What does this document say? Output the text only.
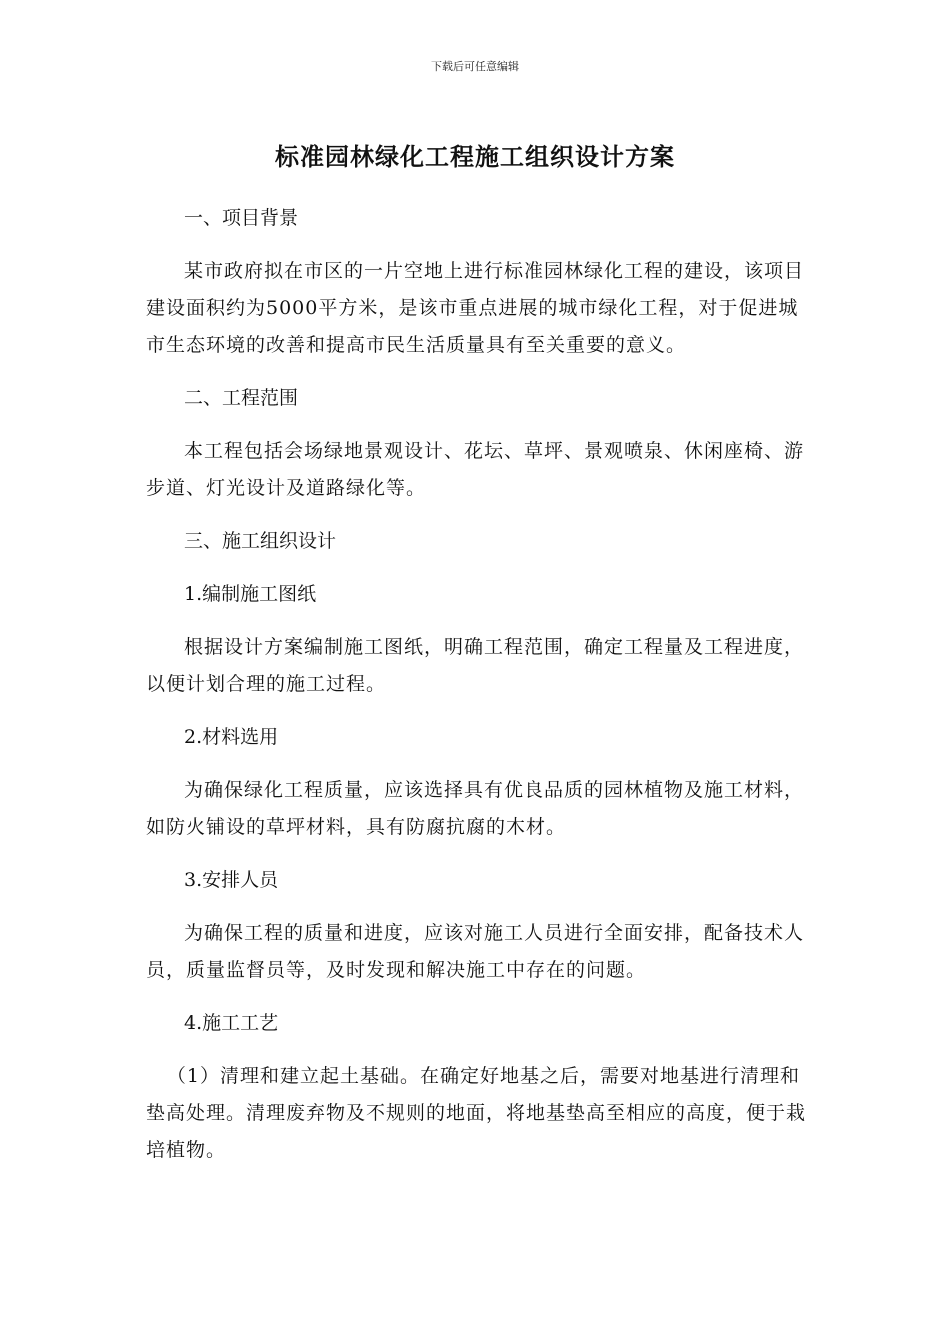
下载后可任意编辑
标准园林绿化工程施工组织设计方案

一、项目背景

某市政府拟在市区的一片空地上进行标准园林绿化工程的建设，该项目建设面积约为5000平方米，是该市重点进展的城市绿化工程，对于促进城市生态环境的改善和提高市民生活质量具有至关重要的意义。

二、工程范围

本工程包括会场绿地景观设计、花坛、草坪、景观喷泉、休闲座椅、游步道、灯光设计及道路绿化等。

三、施工组织设计

1.编制施工图纸

根据设计方案编制施工图纸，明确工程范围，确定工程量及工程进度，以便计划合理的施工过程。

2.材料选用

为确保绿化工程质量，应该选择具有优良品质的园林植物及施工材料，如防火铺设的草坪材料，具有防腐抗腐的木材。

3.安排人员

为确保工程的质量和进度，应该对施工人员进行全面安排，配备技术人员，质量监督员等，及时发现和解决施工中存在的问题。

4.施工工艺

（1）清理和建立起土基础。在确定好地基之后，需要对地基进行清理和垫高处理。清理废弃物及不规则的地面，将地基垫高至相应的高度，便于栽培植物。
